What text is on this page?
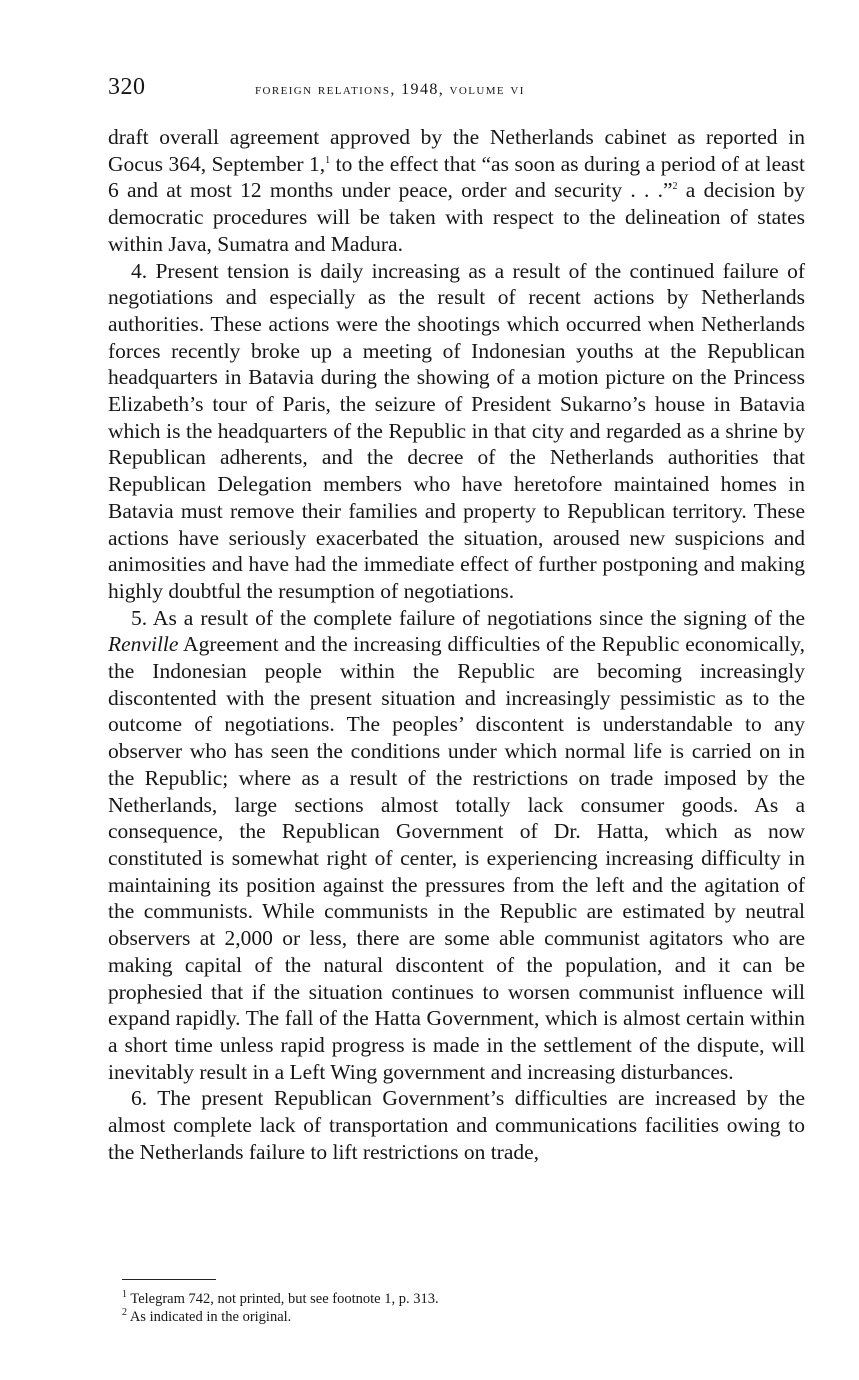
320	foreign relations, 1948, volume vi

draft overall agreement approved by the Netherlands cabinet as reported in Gocus 364, September 1,$^1$ to the effect that “as soon as during a period of at least 6 and at most 12 months under peace, order and security . . .”$^2$ a decision by democratic procedures will be taken with respect to the delineation of states within Java, Sumatra and Madura.

4. Present tension is daily increasing as a result of the continued failure of negotiations and especially as the result of recent actions by Netherlands authorities. These actions were the shootings which occurred when Netherlands forces recently broke up a meeting of Indonesian youths at the Republican headquarters in Batavia during the showing of a motion picture on the Princess Elizabeth’s tour of Paris, the seizure of President Sukarno’s house in Batavia which is the headquarters of the Republic in that city and regarded as a shrine by Republican adherents, and the decree of the Netherlands authorities that Republican Delegation members who have heretofore maintained homes in Batavia must remove their families and property to Republican territory. These actions have seriously exacerbated the situation, aroused new suspicions and animosities and have had the immediate effect of further postponing and making highly doubtful the resumption of negotiations.

5. As a result of the complete failure of negotiations since the signing of the Renville Agreement and the increasing difficulties of the Republic economically, the Indonesian people within the Republic are becoming increasingly discontented with the present situation and increasingly pessimistic as to the outcome of negotiations. The peoples’ discontent is understandable to any observer who has seen the conditions under which normal life is carried on in the Republic; where as a result of the restrictions on trade imposed by the Netherlands, large sections almost totally lack consumer goods. As a consequence, the Republican Government of Dr. Hatta, which as now constituted is somewhat right of center, is experiencing increasing difficulty in maintaining its position against the pressures from the left and the agitation of the communists. While communists in the Republic are estimated by neutral observers at 2,000 or less, there are some able communist agitators who are making capital of the natural discontent of the population, and it can be prophesied that if the situation continues to worsen communist influence will expand rapidly. The fall of the Hatta Government, which is almost certain within a short time unless rapid progress is made in the settlement of the dispute, will inevitably result in a Left Wing government and increasing disturbances.

6. The present Republican Government’s difficulties are increased by the almost complete lack of transportation and communications facilities owing to the Netherlands failure to lift restrictions on trade,

$^1$ Telegram 742, not printed, but see footnote 1, p. 313.
$^2$ As indicated in the original.
